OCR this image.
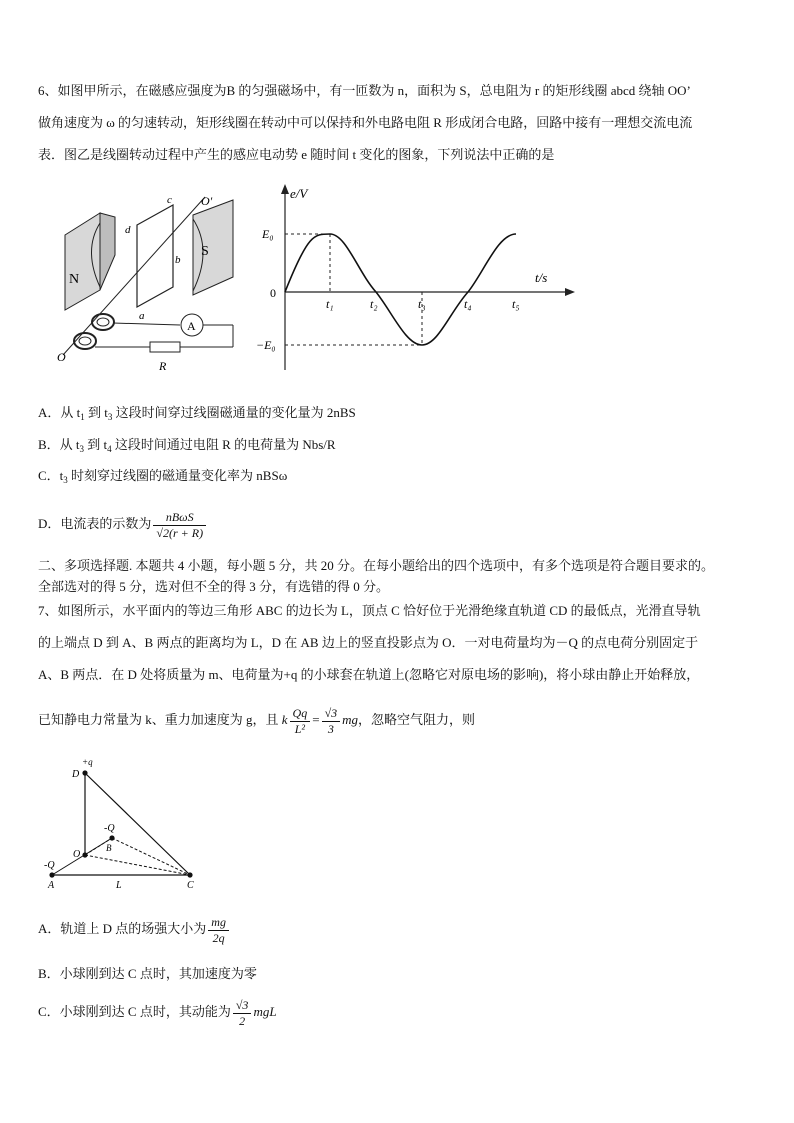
6、如图甲所示，在磁感应强度为B 的匀强磁场中，有一匝数为 n，面积为 S，总电阻为 r 的矩形线圈 abcd 绕轴 OO’
做角速度为 ω 的匀速转动，矩形线圈在转动中可以保持和外电路电阻 R 形成闭合电路，回路中接有一理想交流电流
表．图乙是线圈转动过程中产生的感应电动势 e 随时间 t 变化的图象，下列说法中正确的是
N
S
c
d
b
a
O'
O
A
R
e/V
t/s
0
E₀
−E₀
t₁	t₂	t₃	t₄	t₅
A．从 $t_1$ 到 $t_3$ 这段时间穿过线圈磁通量的变化量为 2nBS
B．从 $t_3$ 到 $t_4$ 这段时间通过电阻 R 的电荷量为 Nbs/R
C．$t_3$ 时刻穿过线圈的磁通量变化率为 nBSω
D．电流表的示数为 $\frac{\text{nBωS}}{√2(r + R)}$
二、多项选择题. 本题共 4 小题，每小题 5 分，共 20 分。在每小题给出的四个选项中，有多个选项是符合题目要求的。
全部选对的得 5 分，选对但不全的得 3 分，有选错的得 0 分。
7、如图所示，水平面内的等边三角形 ABC 的边长为 L，顶点 C 恰好位于光滑绝缘直轨道 CD 的最低点，光滑直导轨
的上端点 D 到 A、B 两点的距离均为 L，D 在 AB 边上的竖直投影点为 O．一对电荷量均为－Q 的点电荷分别固定于
A、B 两点．在 D 处将质量为 m、电荷量为+q 的小球套在轨道上(忽略它对原电场的影响)，将小球由静止开始释放，
已知静电力常量为 k、重力加速度为 g，且 k $\frac{Qq}{\text{L²}} = \frac{√3}{3}$ mg，忽略空气阻力，则
D
+q
-Q
B
O
-Q
A	L	C
A．轨道上 D 点的场强大小为 $\frac{mg}{2q}$
B．小球刚到达 C 点时，其加速度为零
C．小球刚到达 C 点时，其动能为 $\frac{√3}{2}$ mgL
